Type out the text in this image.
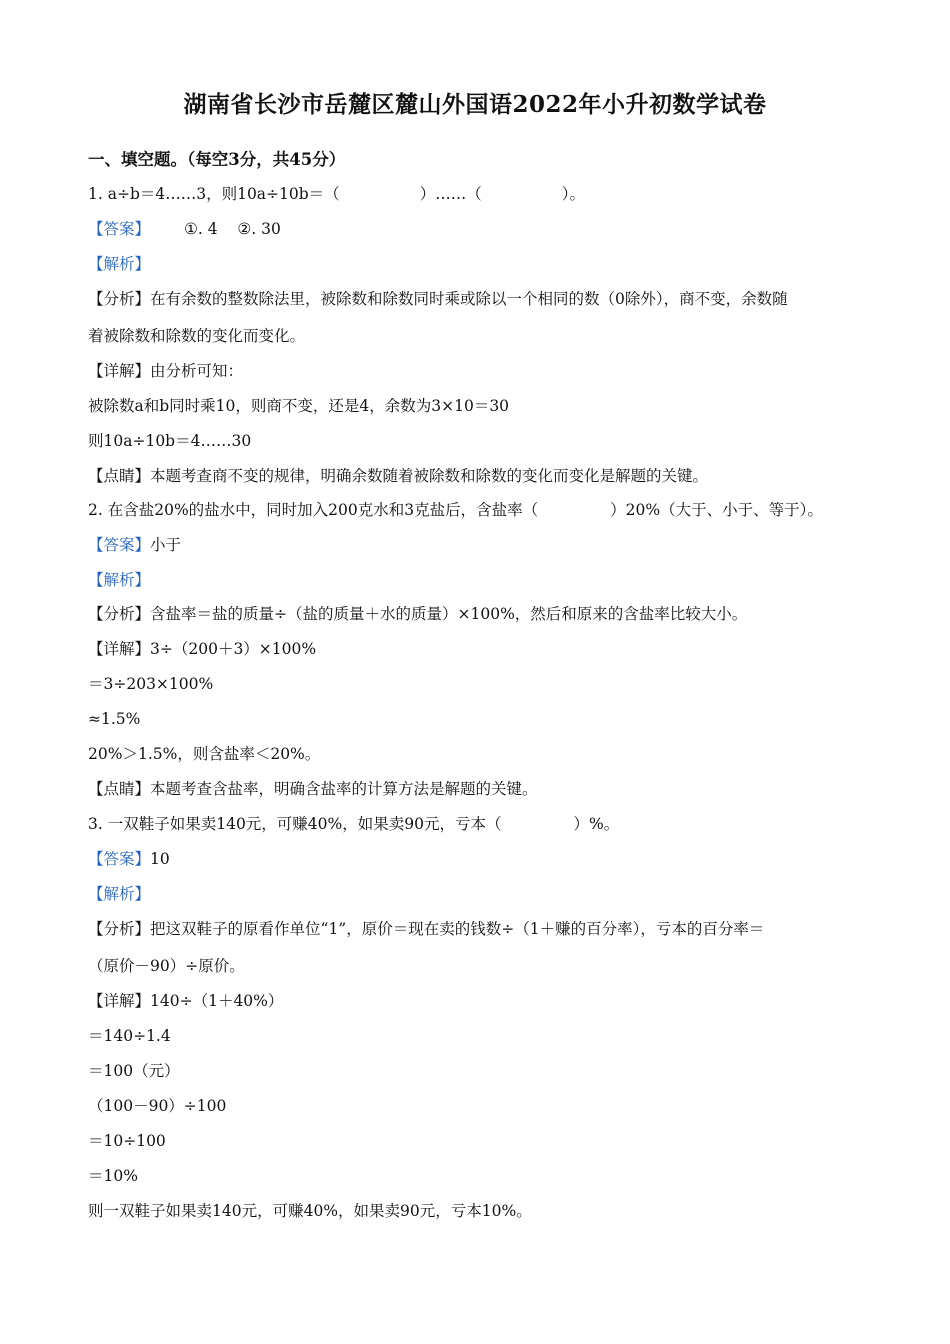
湖南省长沙市岳麓区麓山外国语2022年小升初数学试卷
一、填空题。（每空3分，共45分）
1. a÷b＝4……3，则10a÷10b＝（	）……（	）。
【答案】 ①. 4    ②. 30
【解析】
【分析】在有余数的整数除法里，被除数和除数同时乘或除以一个相同的数（0除外），商不变，余数随
着被除数和除数的变化而变化。
【详解】由分析可知：
被除数a和b同时乘10，则商不变，还是4，余数为3×10＝30
则10a÷10b＝4……30
【点睛】本题考查商不变的规律，明确余数随着被除数和除数的变化而变化是解题的关键。
2. 在含盐20%的盐水中，同时加入200克水和3克盐后，含盐率（	）20%（大于、小于、等于）。
【答案】小于
【解析】
【分析】含盐率＝盐的质量÷（盐的质量＋水的质量）×100%，然后和原来的含盐率比较大小。
【详解】3÷（200＋3）×100%
＝3÷203×100%
≈1.5%
20%＞1.5%，则含盐率＜20%。
【点睛】本题考查含盐率，明确含盐率的计算方法是解题的关键。
3. 一双鞋子如果卖140元，可赚40%，如果卖90元，亏本（	）%。
【答案】10
【解析】
【分析】把这双鞋子的原看作单位“1”，原价＝现在卖的钱数÷（1＋赚的百分率），亏本的百分率＝
（原价－90）÷原价。
【详解】140÷（1＋40%）
＝140÷1.4
＝100（元）
（100－90）÷100
＝10÷100
＝10%
则一双鞋子如果卖140元，可赚40%，如果卖90元，亏本10%。
